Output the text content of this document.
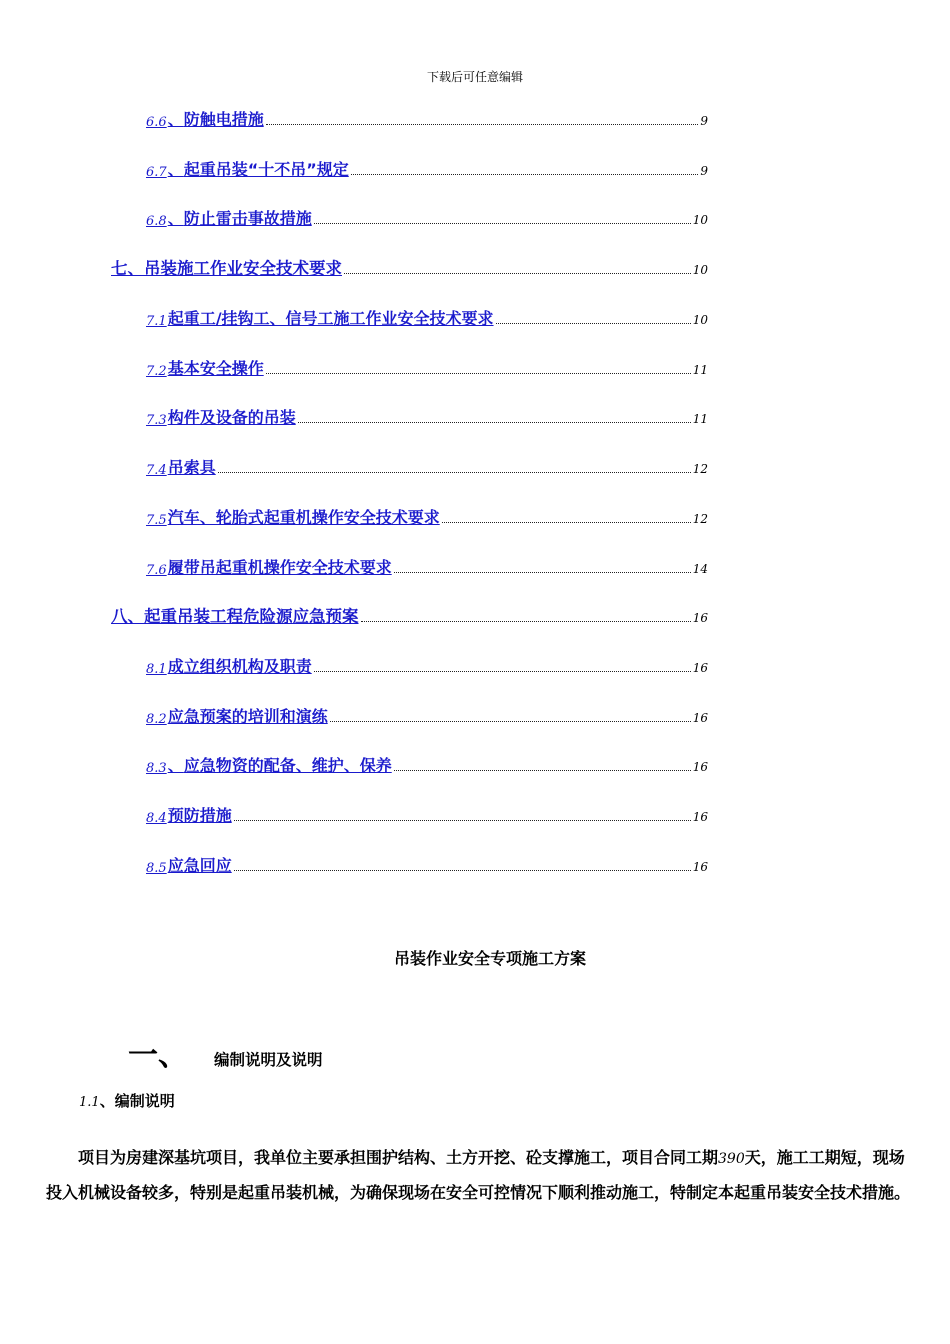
下载后可任意编辑
6.6 、 防触电措施	9
6.7 、 起重吊装“十不吊”规定	9
6.8 、 防止雷击事故措施	10
七、吊装施工作业安全技术要求	10
7.1 起重工/挂钩工、信号工施工作业安全技术要求	10
7.2 基本安全操作	11
7.3 构件及设备的吊装	11
7.4 吊索具	12
7.5 汽车、轮胎式起重机操作安全技术要求	12
7.6 履带吊起重机操作安全技术要求	14
八、起重吊装工程危险源应急预案	16
8.1 成立组织机构及职责	16
8.2 应急预案的培训和演练	16
8.3 、 应急物资的配备、维护、保养	16
8.4 预防措施	16
8.5 应急回应	16
吊装作业安全专项施工方案
一、	编制说明及说明
1.1、编制说明
项目为房建深基坑项目，我单位主要承担围护结构、土方开挖、砼支撑施工，项目合同工期390天，施工工期短，现场投入机械设备较多，特别是起重吊装机械，为确保现场在安全可控情况下顺利推动施工，特制定本起重吊装安全技术措施。
